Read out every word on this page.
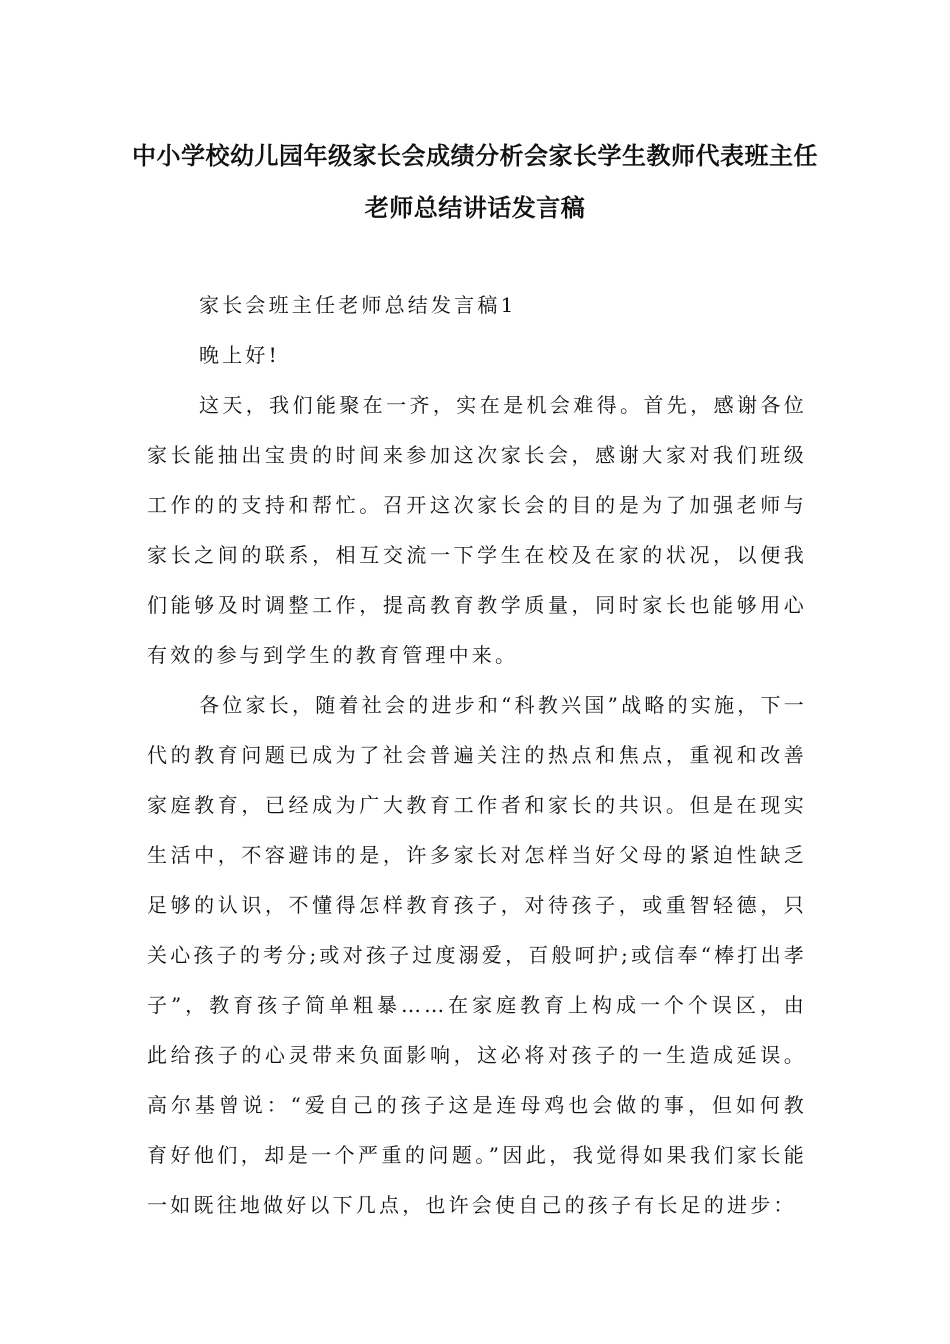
中小学校幼儿园年级家长会成绩分析会家长学生教师代表班主任老师总结讲话发言稿

家长会班主任老师总结发言稿1

晚上好!

这天，我们能聚在一齐，实在是机会难得。首先，感谢各位家长能抽出宝贵的时间来参加这次家长会，感谢大家对我们班级工作的的支持和帮忙。召开这次家长会的目的是为了加强老师与家长之间的联系，相互交流一下学生在校及在家的状况，以便我们能够及时调整工作，提高教育教学质量，同时家长也能够用心有效的参与到学生的教育管理中来。

各位家长，随着社会的进步和“科教兴国”战略的实施，下一代的教育问题已成为了社会普遍关注的热点和焦点，重视和改善家庭教育，已经成为广大教育工作者和家长的共识。但是在现实生活中，不容避讳的是，许多家长对怎样当好父母的紧迫性缺乏足够的认识，不懂得怎样教育孩子，对待孩子，或重智轻德，只关心孩子的考分;或对孩子过度溺爱，百般呵护;或信奉“棒打出孝子”，教育孩子简单粗暴……在家庭教育上构成一个个误区，由此给孩子的心灵带来负面影响，这必将对孩子的一生造成延误。高尔基曾说：“爱自己的孩子这是连母鸡也会做的事，但如何教育好他们，却是一个严重的问题。”因此，我觉得如果我们家长能一如既往地做好以下几点，也许会使自己的孩子有长足的进步：
